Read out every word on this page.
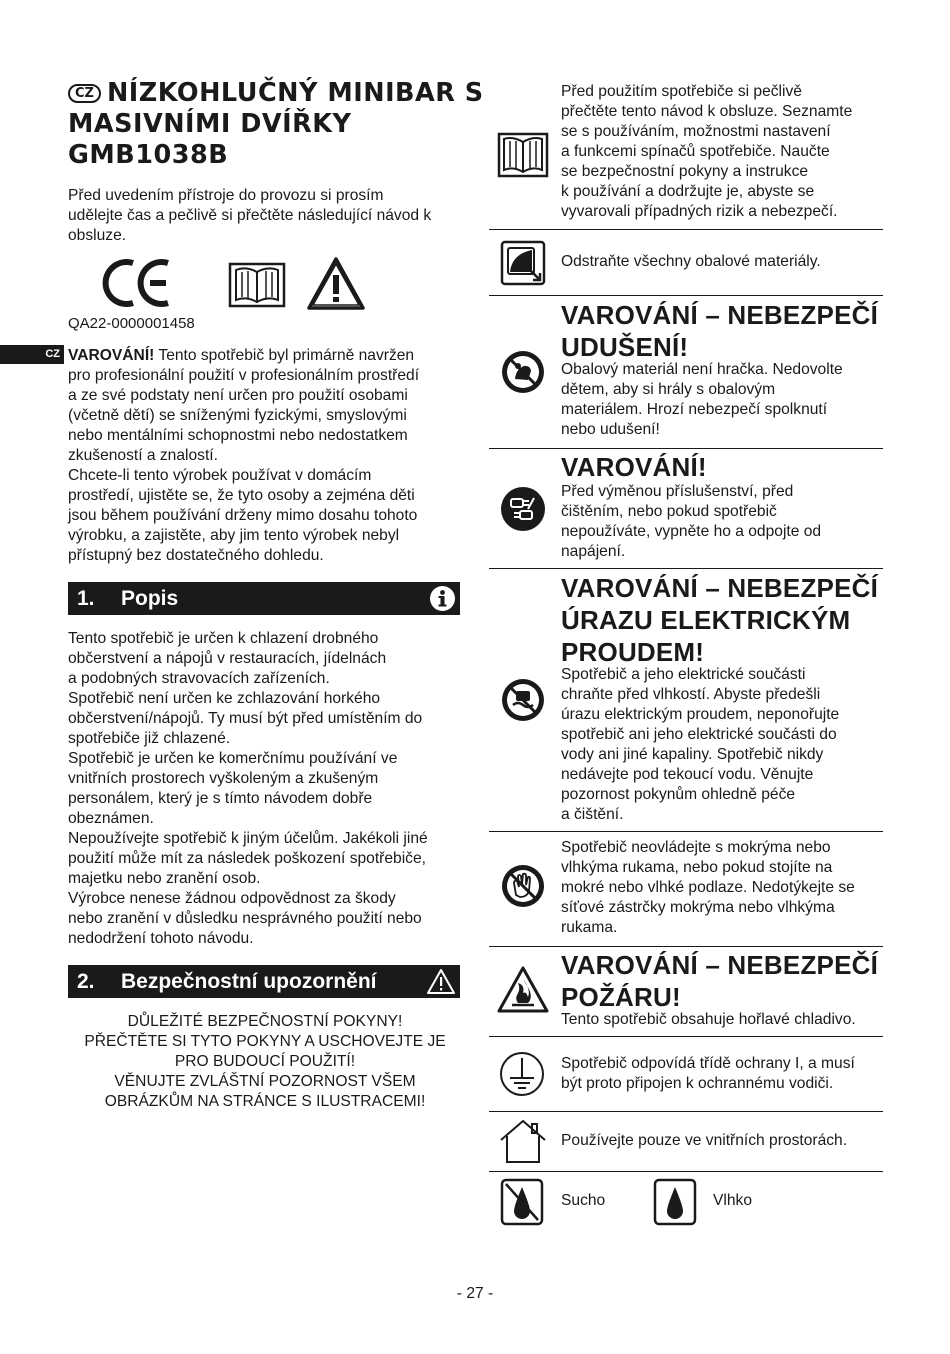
CZ NÍZKOHLUČNÝ MINIBAR S
MASIVNÍMI DVÍŘKY
GMB1038B
Před uvedením přístroje do provozu si prosím
udělejte čas a pečlivě si přečtěte následující návod k
obsluze.
QA22-0000001458
CZ VAROVÁNÍ! Tento spotřebič byl primárně navržen
pro profesionální použití v profesionálním prostředí
a ze své podstaty není určen pro použití osobami
(včetně dětí) se sníženými fyzickými, smyslovými
nebo mentálními schopnostmi nebo nedostatkem
zkušeností a znalostí.
Chcete-li tento výrobek používat v domácím
prostředí, ujistěte se, že tyto osoby a zejména děti
jsou během používání drženy mimo dosahu tohoto
výrobku, a zajistěte, aby jim tento výrobek nebyl
přístupný bez dostatečného dohledu.
1. Popis
Tento spotřebič je určen k chlazení drobného
občerstvení a nápojů v restauracích, jídelnách
a podobných stravovacích zařízeních.
Spotřebič není určen ke zchlazování horkého
občerstvení/nápojů. Ty musí být před umístěním do
spotřebiče již chlazené.
Spotřebič je určen ke komerčnímu používání ve
vnitřních prostorech vyškoleným a zkušeným
personálem, který je s tímto návodem dobře
obeznámen.
Nepoužívejte spotřebič k jiným účelům. Jakékoli jiné
použití může mít za následek poškození spotřebiče,
majetku nebo zranění osob.
Výrobce nenese žádnou odpovědnost za škody
nebo zranění v důsledku nesprávného použití nebo
nedodržení tohoto návodu.
2. Bezpečnostní upozornění
DŮLEŽITÉ BEZPEČNOSTNÍ POKYNY!
PŘEČTĚTE SI TYTO POKYNY A USCHOVEJTE JE
PRO BUDOUCÍ POUŽITÍ!
VĚNUJTE ZVLÁŠTNÍ POZORNOST VŠEM
OBRÁZKŮM NA STRÁNCE S ILUSTRACEMI!
Před použitím spotřebiče si pečlivě
přečtěte tento návod k obsluze. Seznamte
se s používáním, možnostmi nastavení
a funkcemi spínačů spotřebiče. Naučte
se bezpečnostní pokyny a instrukce
k používání a dodržujte je, abyste se
vyvarovali případných rizik a nebezpečí.
Odstraňte všechny obalové materiály.
VAROVÁNÍ – NEBEZPEČÍ
UDUŠENÍ!
Obalový materiál není hračka. Nedovolte
dětem, aby si hrály s obalovým
materiálem. Hrozí nebezpečí spolknutí
nebo udušení!
VAROVÁNÍ!
Před výměnou příslušenství, před
čištěním, nebo pokud spotřebič
nepoužíváte, vypněte ho a odpojte od
napájení.
VAROVÁNÍ – NEBEZPEČÍ
ÚRAZU ELEKTRICKÝM
PROUDEM!
Spotřebič a jeho elektrické součásti
chraňte před vlhkostí. Abyste předešli
úrazu elektrickým proudem, neponořujte
spotřebič ani jeho elektrické součásti do
vody ani jiné kapaliny. Spotřebič nikdy
nedávejte pod tekoucí vodu. Věnujte
pozornost pokynům ohledně péče
a čištění.
Spotřebič neovládejte s mokrýma nebo
vlhkýma rukama, nebo pokud stojíte na
mokré nebo vlhké podlaze. Nedotýkejte se
síťové zástrčky mokrýma nebo vlhkýma
rukama.
VAROVÁNÍ – NEBEZPEČÍ
POŽÁRU!
Tento spotřebič obsahuje hořlavé chladivo.
Spotřebič odpovídá třídě ochrany I, a musí
být proto připojen k ochrannému vodiči.
Používejte pouze ve vnitřních prostorách.
Sucho	Vlhko
- 27 -
